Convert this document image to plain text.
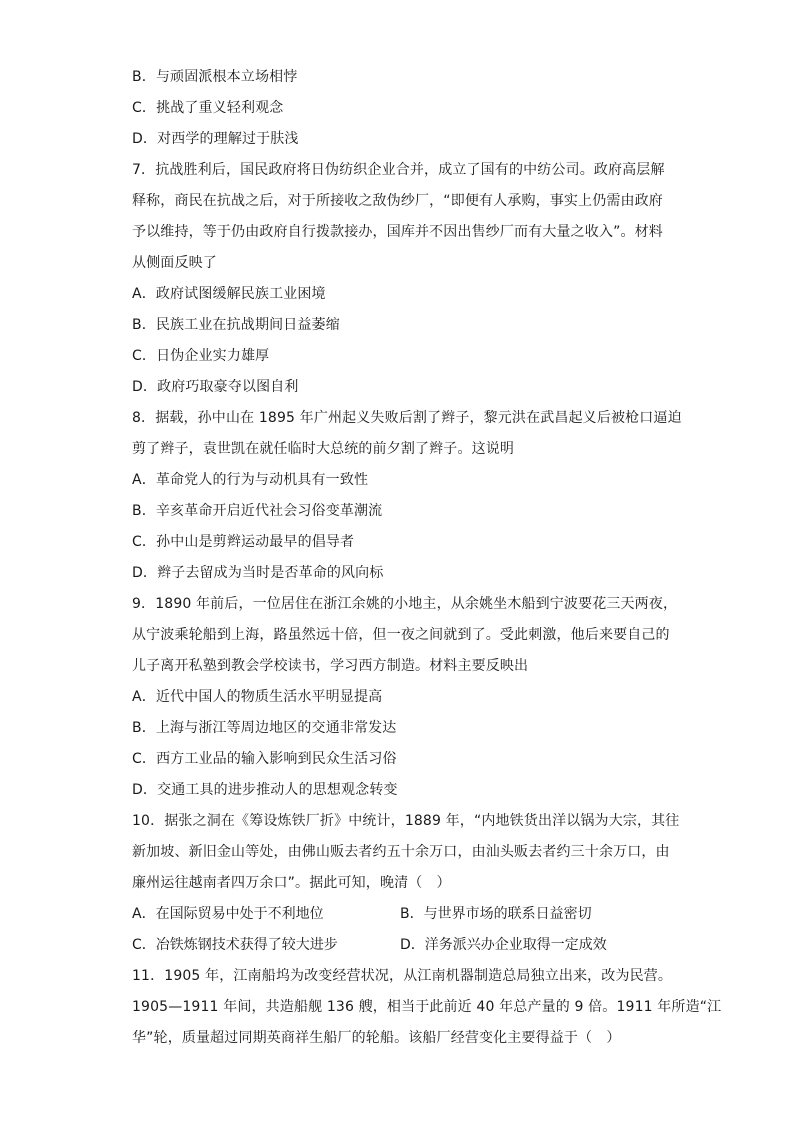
B．与顽固派根本立场相悖
C．挑战了重义轻利观念
D．对西学的理解过于肤浅
7．抗战胜利后，国民政府将日伪纺织企业合并，成立了国有的中纺公司。政府高层解
释称，商民在抗战之后，对于所接收之敌伪纱厂，“即便有人承购，事实上仍需由政府
予以维持，等于仍由政府自行拨款接办，国库并不因出售纱厂而有大量之收入”。材料
从侧面反映了
A．政府试图缓解民族工业困境
B．民族工业在抗战期间日益萎缩
C．日伪企业实力雄厚
D．政府巧取豪夺以图自利
8．据载，孙中山在 1895 年广州起义失败后割了辫子，黎元洪在武昌起义后被枪口逼迫
剪了辫子，袁世凯在就任临时大总统的前夕割了辫子。这说明
A．革命党人的行为与动机具有一致性
B．辛亥革命开启近代社会习俗变革潮流
C．孙中山是剪辫运动最早的倡导者
D．辫子去留成为当时是否革命的风向标
9．1890 年前后，一位居住在浙江余姚的小地主，从余姚坐木船到宁波要花三天两夜，
从宁波乘轮船到上海，路虽然远十倍，但一夜之间就到了。受此刺激，他后来要自己的
儿子离开私塾到教会学校读书，学习西方制造。材料主要反映出
A．近代中国人的物质生活水平明显提高
B．上海与浙江等周边地区的交通非常发达
C．西方工业品的输入影响到民众生活习俗
D．交通工具的进步推动人的思想观念转变
10．据张之洞在《筹设炼铁厂折》中统计，1889 年，“内地铁货出洋以锅为大宗，其往
新加坡、新旧金山等处，由佛山贩去者约五十余万口，由汕头贩去者约三十余万口，由
廉州运往越南者四万余口”。据此可知，晚清（　）
A．在国际贸易中处于不利地位	B．与世界市场的联系日益密切
C．冶铁炼钢技术获得了较大进步	D．洋务派兴办企业取得一定成效
11．1905 年，江南船坞为改变经营状况，从江南机器制造总局独立出来，改为民营。
1905—1911 年间，共造船舰 136 艘，相当于此前近 40 年总产量的 9 倍。1911 年所造“江
华”轮，质量超过同期英商祥生船厂的轮船。该船厂经营变化主要得益于（　）
